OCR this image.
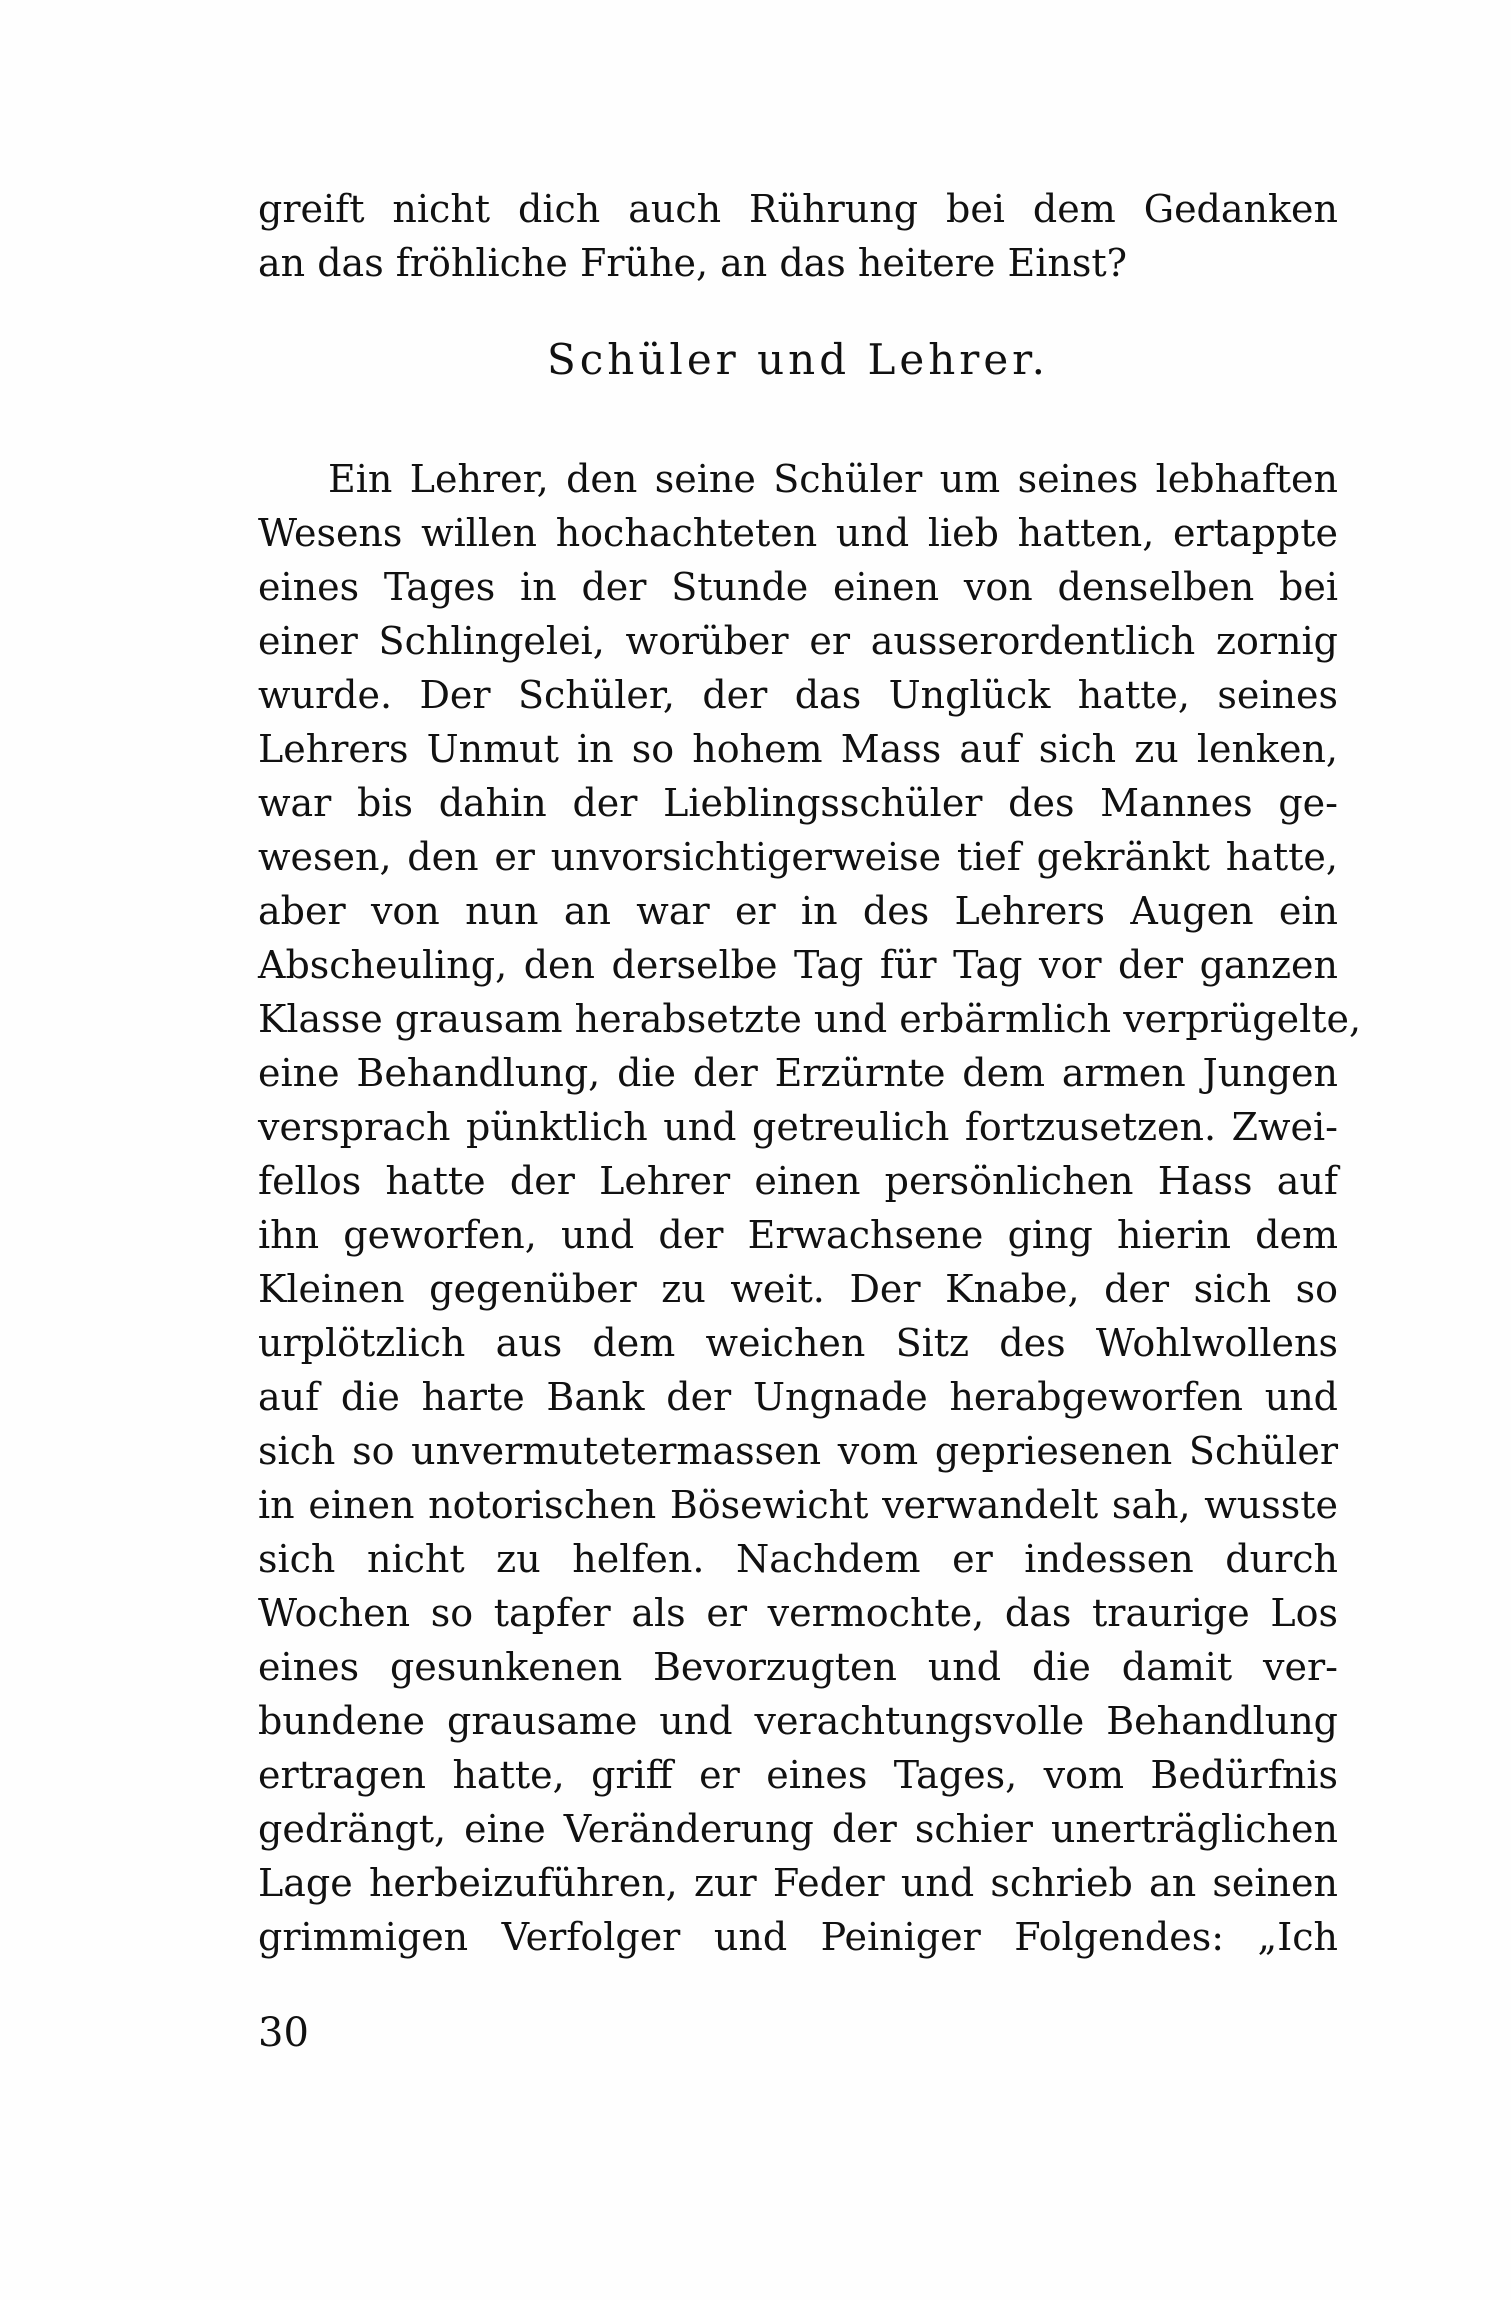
greift nicht dich auch Rührung bei dem Gedanken
an das fröhliche Frühe, an das heitere Einst?
Schüler und Lehrer.
Ein Lehrer, den seine Schüler um seines lebhaften
Wesens willen hochachteten und lieb hatten, ertappte
eines Tages in der Stunde einen von denselben bei
einer Schlingelei, worüber er ausserordentlich zornig
wurde. Der Schüler, der das Unglück hatte, seines
Lehrers Unmut in so hohem Mass auf sich zu lenken,
war bis dahin der Lieblingsschüler des Mannes ge-
wesen, den er unvorsichtigerweise tief gekränkt hatte,
aber von nun an war er in des Lehrers Augen ein
Abscheuling, den derselbe Tag für Tag vor der ganzen
Klasse grausam herabsetzte und erbärmlich verprügelte,
eine Behandlung, die der Erzürnte dem armen Jungen
versprach pünktlich und getreulich fortzusetzen. Zwei-
fellos hatte der Lehrer einen persönlichen Hass auf
ihn geworfen, und der Erwachsene ging hierin dem
Kleinen gegenüber zu weit. Der Knabe, der sich so
urplötzlich aus dem weichen Sitz des Wohlwollens
auf die harte Bank der Ungnade herabgeworfen und
sich so unvermutetermassen vom gepriesenen Schüler
in einen notorischen Bösewicht verwandelt sah, wusste
sich nicht zu helfen. Nachdem er indessen durch
Wochen so tapfer als er vermochte, das traurige Los
eines gesunkenen Bevorzugten und die damit ver-
bundene grausame und verachtungsvolle Behandlung
ertragen hatte, griff er eines Tages, vom Bedürfnis
gedrängt, eine Veränderung der schier unerträglichen
Lage herbeizuführen, zur Feder und schrieb an seinen
grimmigen Verfolger und Peiniger Folgendes: „Ich
30
